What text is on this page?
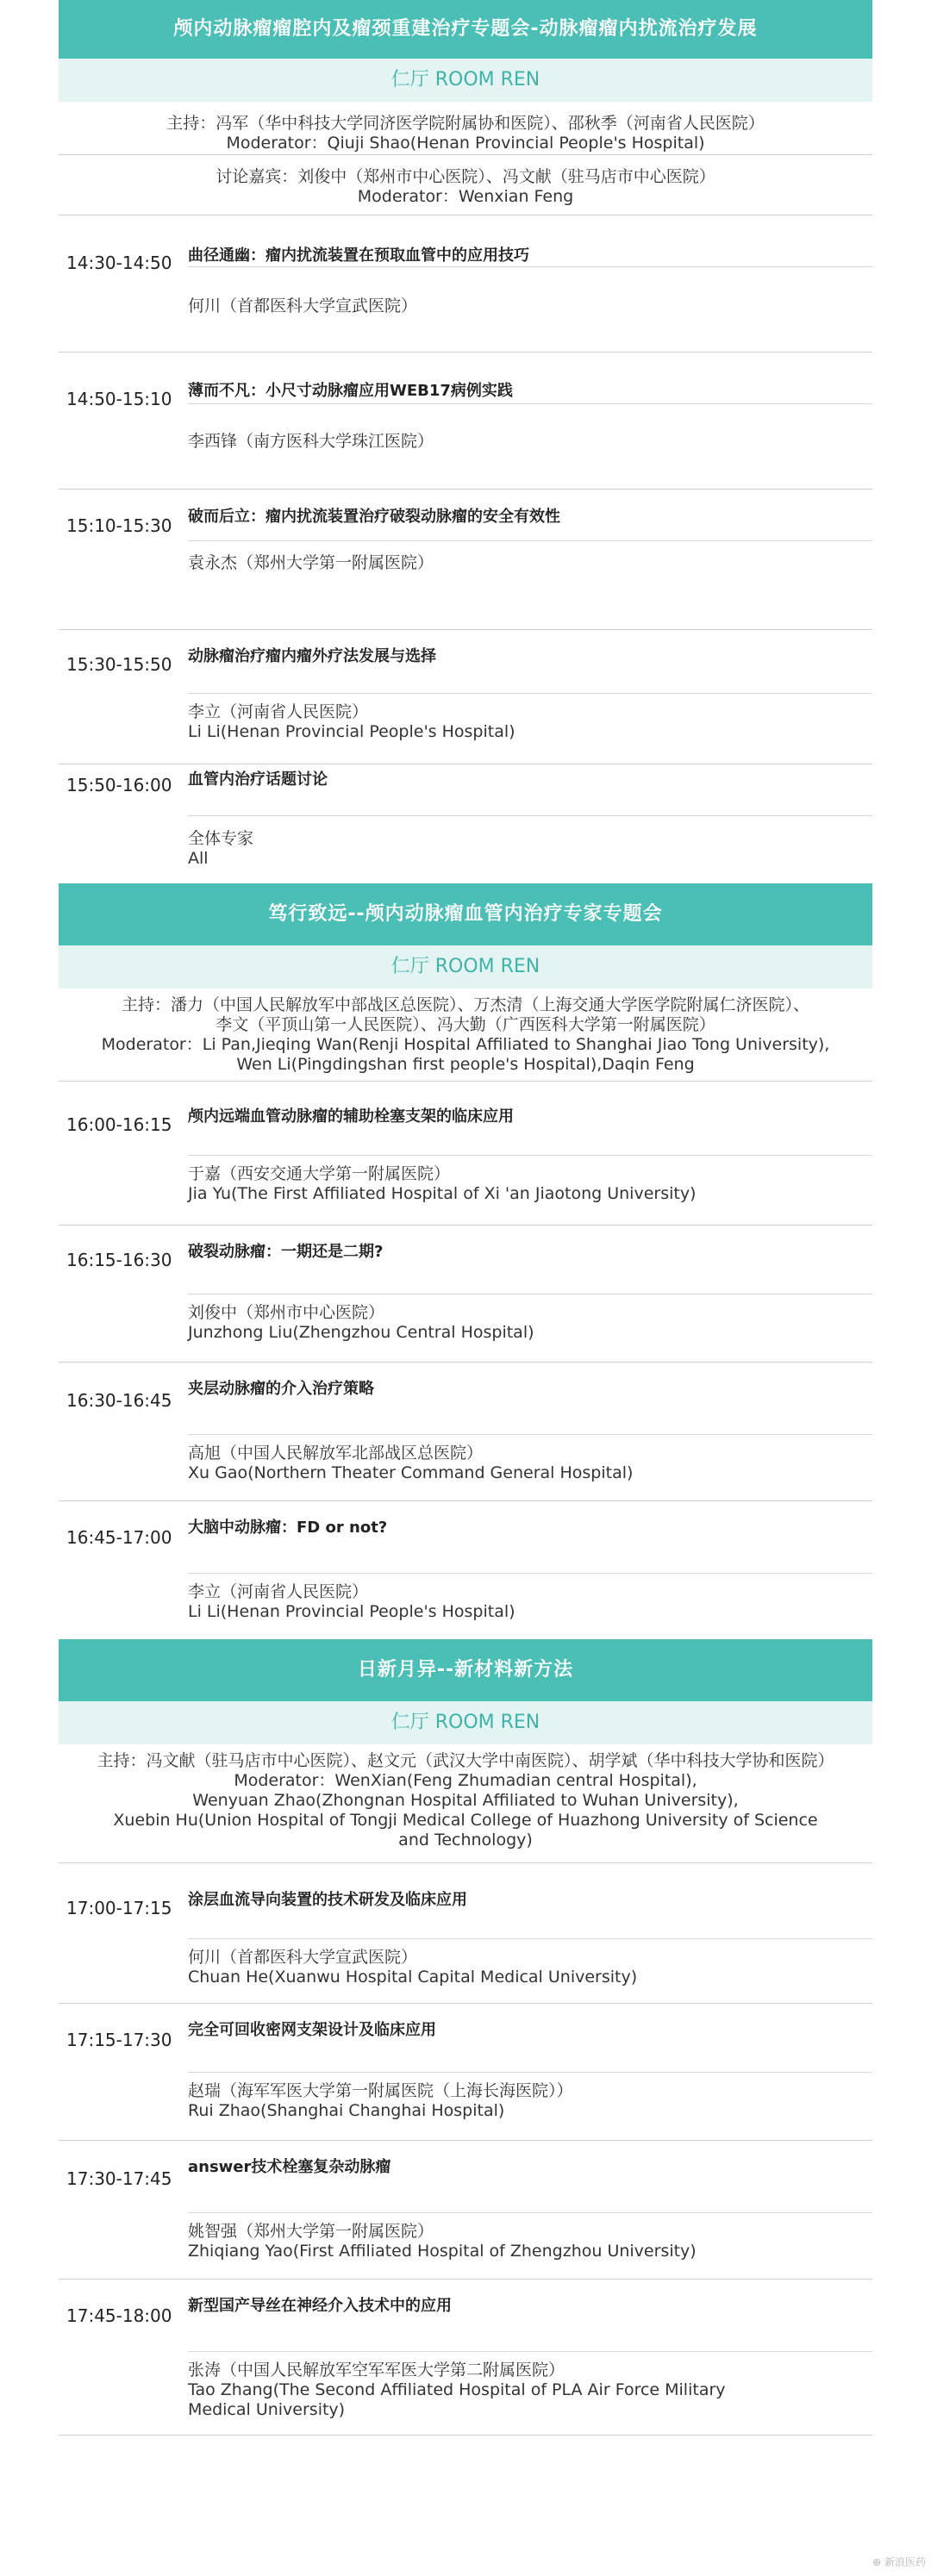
颅内动脉瘤瘤腔内及瘤颈重建治疗专题会-动脉瘤瘤内扰流治疗发展
仁厅 ROOM REN

主持：冯军（华中科技大学同济医学院附属协和医院）、邵秋季（河南省人民医院）

Moderator：Qiuji Shao(Henan Provincial People's Hospital)

讨论嘉宾：刘俊中（郑州市中心医院）、冯文献（驻马店市中心医院）

Moderator：Wenxian Feng

14:30-14:50 曲径通幽：瘤内扰流装置在预取血管中的应用技巧

何川（首都医科大学宣武医院）

14:50-15:10 薄而不凡：小尺寸动脉瘤应用WEB17病例实践

李西锋（南方医科大学珠江医院）

15:10-15:30 破而后立：瘤内扰流装置治疗破裂动脉瘤的安全有效性

袁永杰（郑州大学第一附属医院）

15:30-15:50 动脉瘤治疗瘤内瘤外疗法发展与选择

李立（河南省人民医院）

Li Li(Henan Provincial People's Hospital)

15:50-16:00 血管内治疗话题讨论

全体专家

All

笃行致远--颅内动脉瘤血管内治疗专家专题会
仁厅 ROOM REN

主持：潘力（中国人民解放军中部战区总医院）、万杰清（上海交通大学医学院附属仁济医院）、

李文（平顶山第一人民医院）、冯大勤（广西医科大学第一附属医院）

Moderator：Li Pan,Jieqing Wan(Renji Hospital Affiliated to Shanghai Jiao Tong University),

Wen Li(Pingdingshan first people's Hospital),Daqin Feng

16:00-16:15 颅内远端血管动脉瘤的辅助栓塞支架的临床应用

于嘉（西安交通大学第一附属医院）

Jia Yu(The First Affiliated Hospital of Xi 'an Jiaotong University)

16:15-16:30 破裂动脉瘤：一期还是二期?

刘俊中（郑州市中心医院）

Junzhong Liu(Zhengzhou Central Hospital)

16:30-16:45
夹层动脉瘤的介入治疗策略

高旭（中国人民解放军北部战区总医院）

Xu Gao(Northern Theater Command General Hospital)

16:45-17:00 大脑中动脉瘤：FD or not?

李立（河南省人民医院）

Li Li(Henan Provincial People's Hospital)

日新月异--新材料新方法
仁厅 ROOM REN

主持：冯文献（驻马店市中心医院）、赵文元（武汉大学中南医院）、胡学斌（华中科技大学协和医院）

Moderator：WenXian(Feng Zhumadian central Hospital),

Wenyuan Zhao(Zhongnan Hospital Affiliated to Wuhan University),

Xuebin Hu(Union Hospital of Tongji Medical College of Huazhong University of Science

and Technology)

17:00-17:15 涂层血流导向装置的技术研发及临床应用

何川（首都医科大学宣武医院）

Chuan He(Xuanwu Hospital Capital Medical University)

17:15-17:30 完全可回收密网支架设计及临床应用

赵瑞（海军军医大学第一附属医院（上海长海医院））

Rui Zhao(Shanghai Changhai Hospital)

17:30-17:45
answer技术栓塞复杂动脉瘤

姚智强（郑州大学第一附属医院）

Zhiqiang Yao(First Affiliated Hospital of Zhengzhou University)

17:45-18:00 新型国产导丝在神经介入技术中的应用

张涛（中国人民解放军空军军医大学第二附属医院）

Tao Zhang(The Second Affiliated Hospital of PLA Air Force Military

Medical University)

⊕ 新浪医药
